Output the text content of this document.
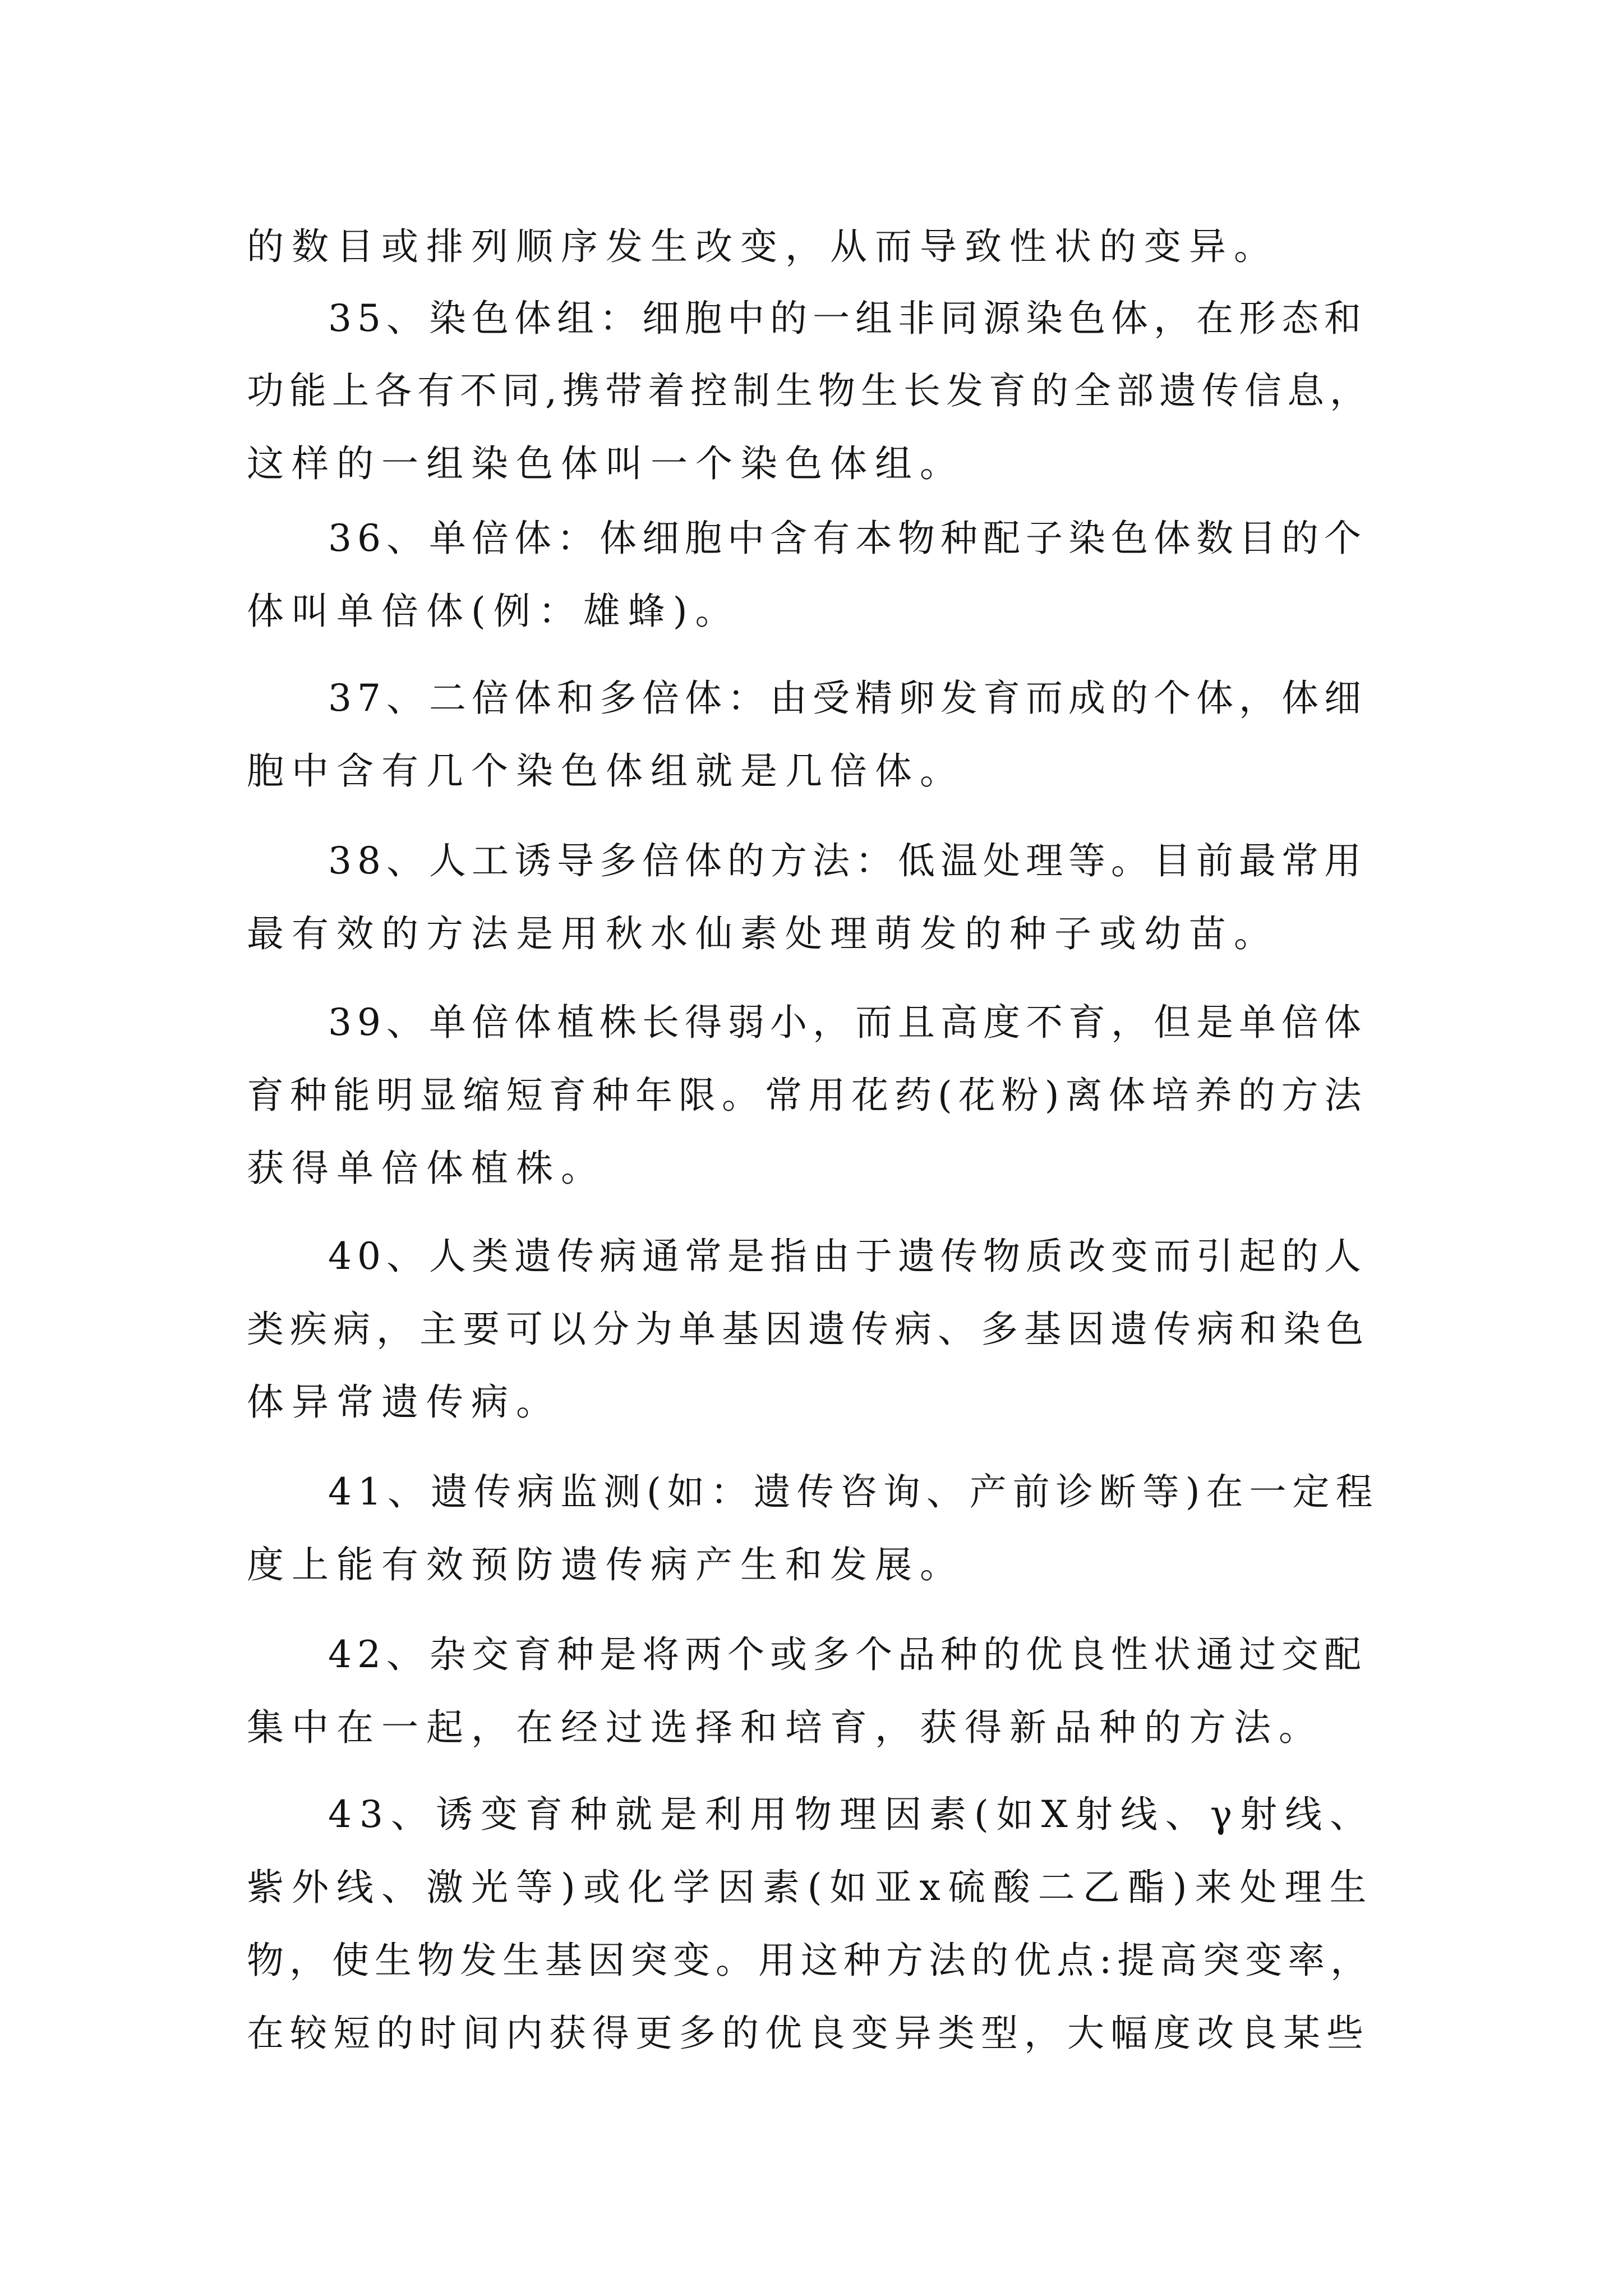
的数目或排列顺序发生改变，从而导致性状的变异。
35、染色体组：细胞中的一组非同源染色体，在形态和
功能上各有不同,携带着控制生物生长发育的全部遗传信息，
这样的一组染色体叫一个染色体组。
36、单倍体：体细胞中含有本物种配子染色体数目的个
体叫单倍体(例：雄蜂)。
37、二倍体和多倍体：由受精卵发育而成的个体，体细
胞中含有几个染色体组就是几倍体。
38、人工诱导多倍体的方法：低温处理等。目前最常用
最有效的方法是用秋水仙素处理萌发的种子或幼苗。
39、单倍体植株长得弱小，而且高度不育，但是单倍体
育种能明显缩短育种年限。常用花药(花粉)离体培养的方法
获得单倍体植株。
40、人类遗传病通常是指由于遗传物质改变而引起的人
类疾病，主要可以分为单基因遗传病、多基因遗传病和染色
体异常遗传病。
41、遗传病监测(如：遗传咨询、产前诊断等)在一定程
度上能有效预防遗传病产生和发展。
42、杂交育种是将两个或多个品种的优良性状通过交配
集中在一起，在经过选择和培育，获得新品种的方法。
43、诱变育种就是利用物理因素(如X射线、γ射线、
紫外线、激光等)或化学因素(如亚x硫酸二乙酯)来处理生
物，使生物发生基因突变。用这种方法的优点:提高突变率，
在较短的时间内获得更多的优良变异类型，大幅度改良某些
